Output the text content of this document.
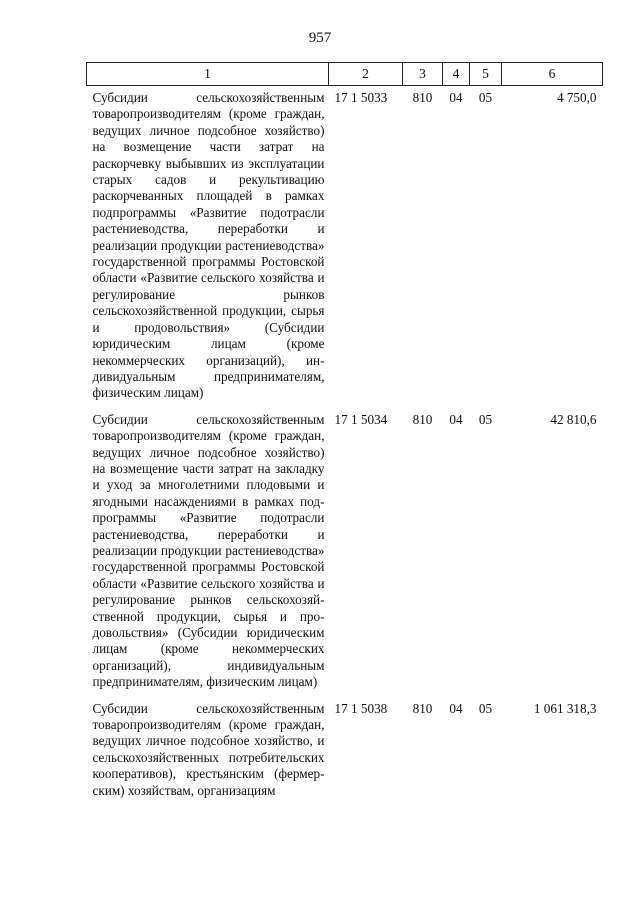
957
1	2	3	4	5	6
Субсидии сельскохозяйственным товаропроизводителям (кроме граждан, ведущих личное подсобное хозяйство) на возмещение части затрат на раскорчевку выбывших из эксплуатации старых садов и рекультивацию раскорчеванных площадей в рамках подпрограммы «Развитие подотрасли растениеводства, переработки и реализации продукции растениеводства» государственной программы Ростовской области «Развитие сельского хозяйства и регулирование рынков сельскохозяйственной продукции, сырья и продовольствия» (Субсидии юридическим лицам (кроме некоммерческих организаций), индивидуальным предпринимателям, физическим лицам)	17 1 5033	810	04	05	4 750,0
Субсидии сельскохозяйственным товаропроизводителям (кроме граждан, ведущих личное подсобное хозяйство) на возмещение части затрат на закладку и уход за многолетними плодовыми и ягодными насаждениями в рамках подпрограммы «Развитие подотрасли растениеводства, переработки и реализации продукции растениеводства» государственной программы Ростовской области «Развитие сельского хозяйства и регулирование рынков сельскохозяйственной продукции, сырья и продовольствия» (Субсидии юридическим лицам (кроме некоммерческих организаций), индивидуальным предпринимателям, физическим лицам)	17 1 5034	810	04	05	42 810,6
Субсидии сельскохозяйственным товаропроизводителям (кроме граждан, ведущих личное подсобное хозяйство, и сельскохозяйственных потребительских кооперативов), крестьянским (фермерским) хозяйствам, организациям	17 1 5038	810	04	05	1 061 318,3
